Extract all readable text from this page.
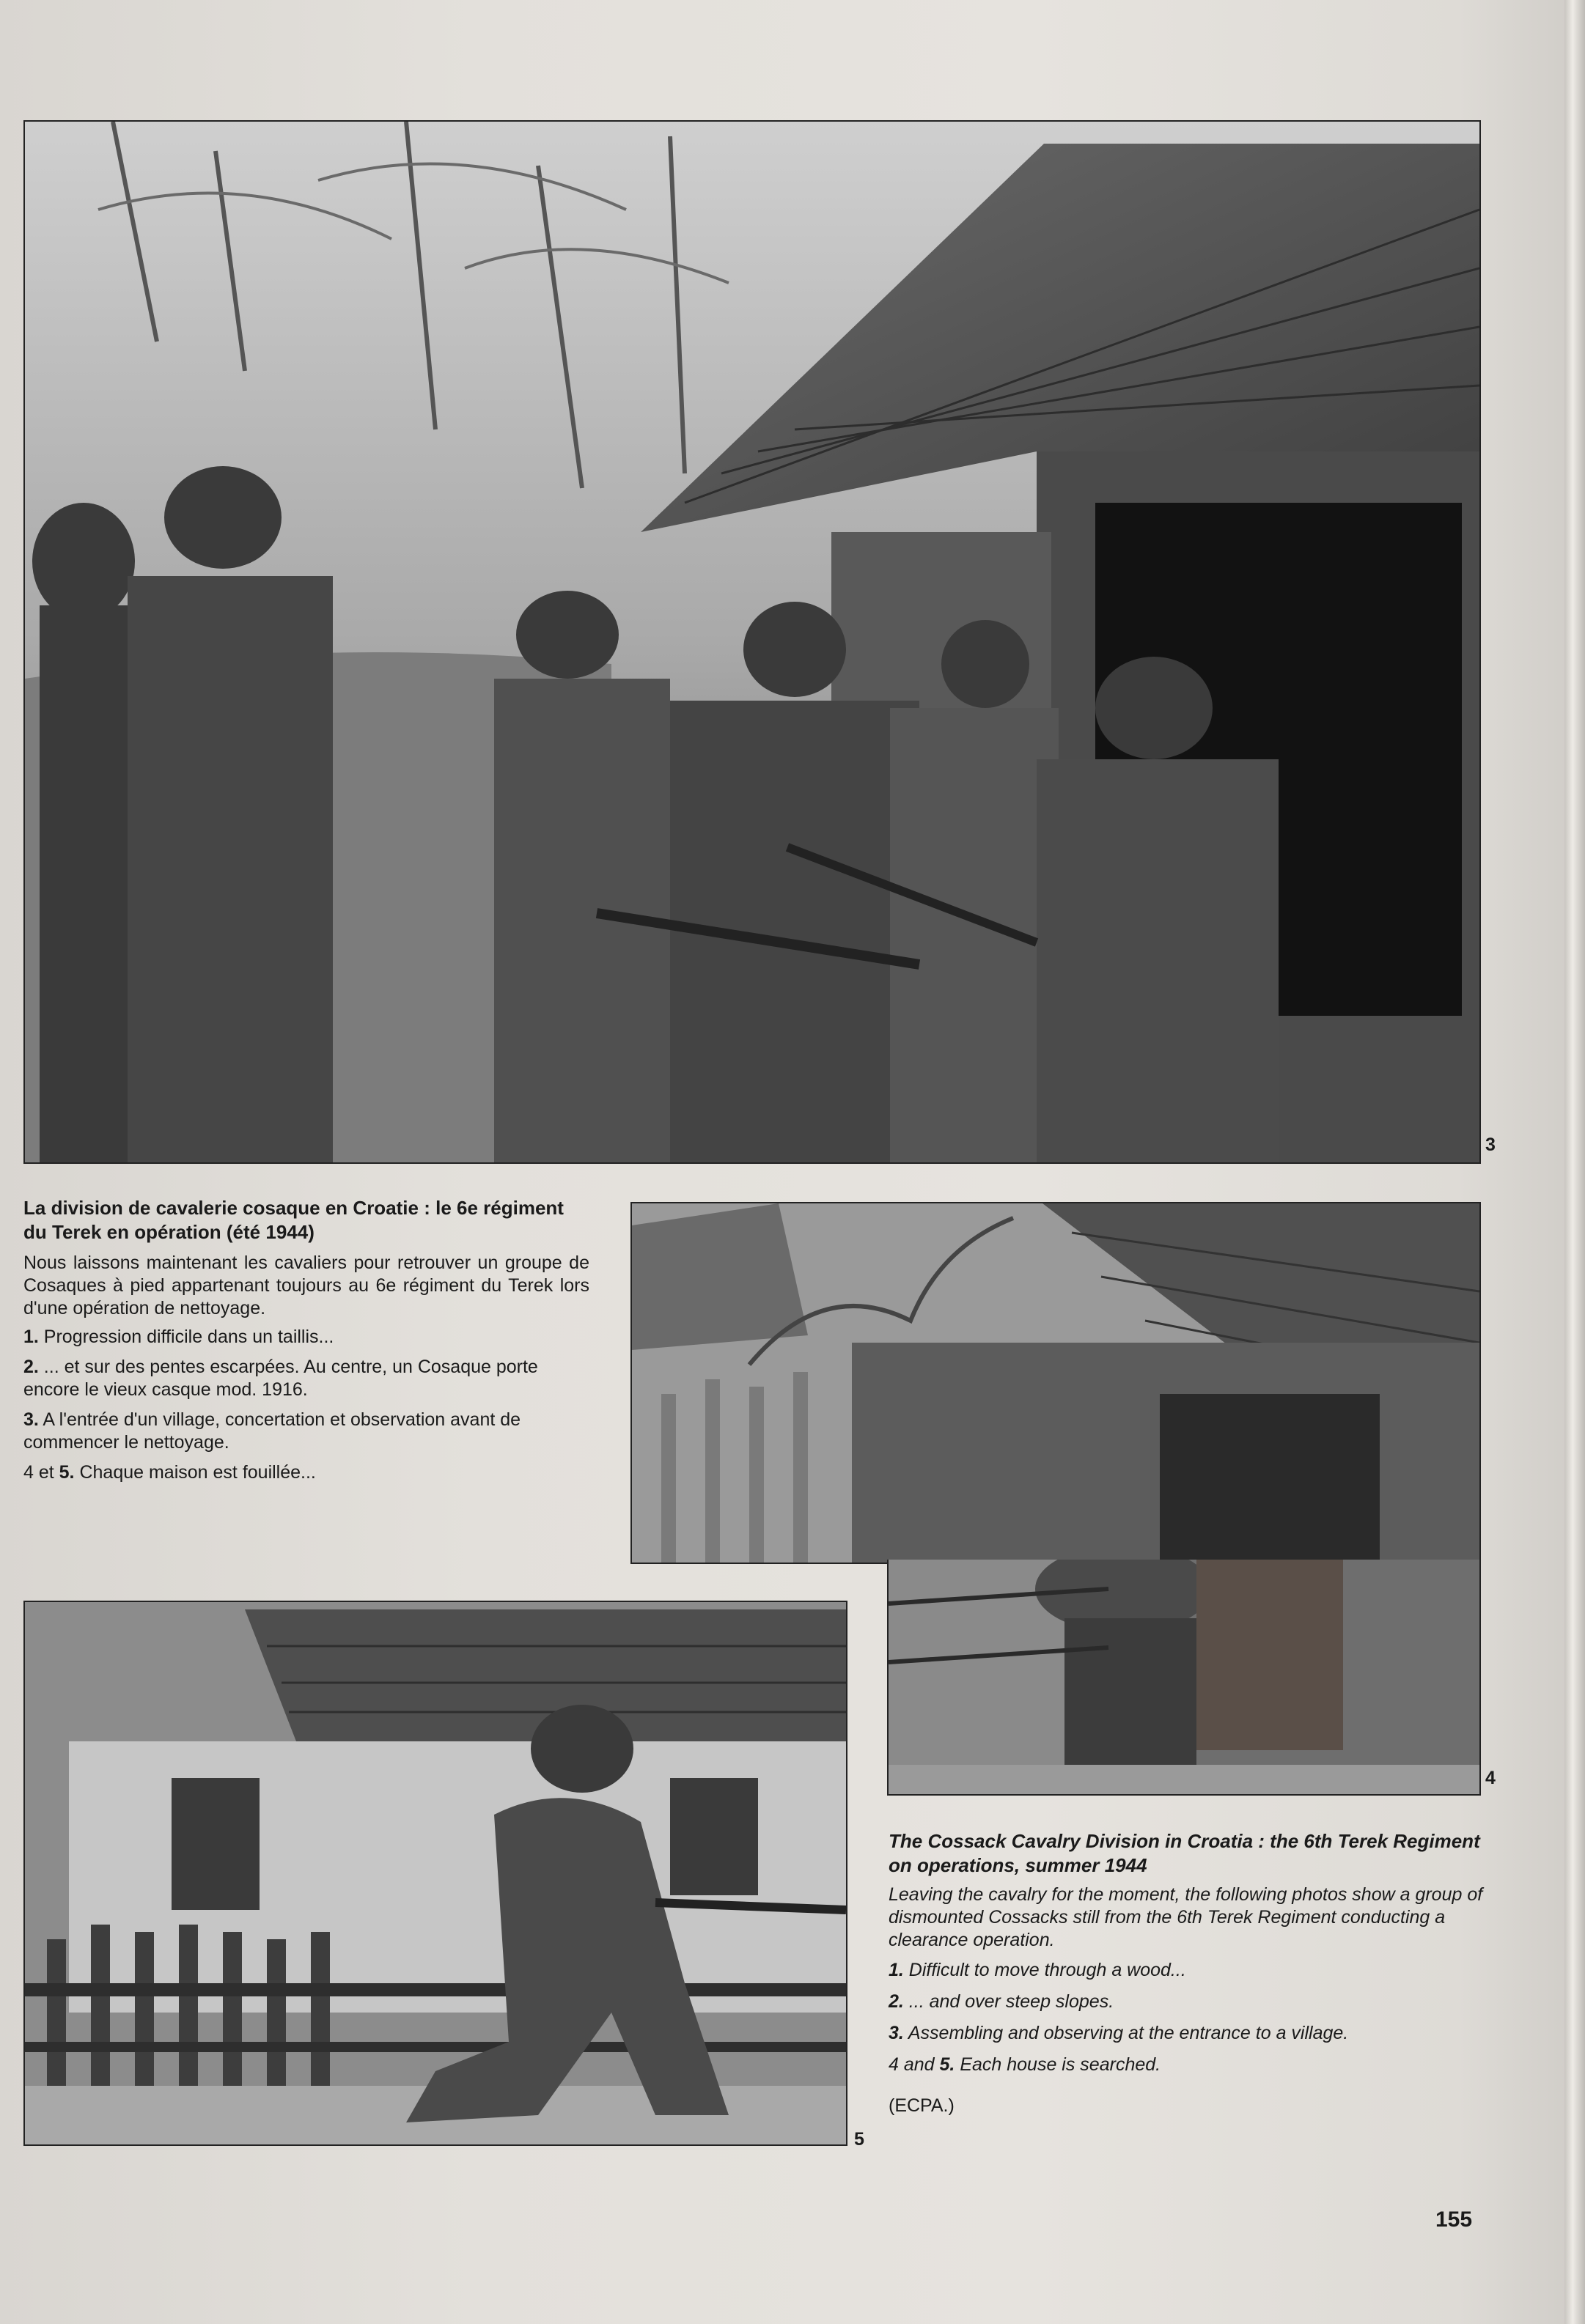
3
4
5

La division de cavalerie cosaque en Croatie : le 6e régiment du Terek en opération (été 1944)

Nous laissons maintenant les cavaliers pour retrouver un groupe de Cosaques à pied appartenant toujours au 6e régiment du Terek lors d'une opération de nettoyage.

1. Progression difficile dans un taillis...

2. ... et sur des pentes escarpées. Au centre, un Cosaque porte encore le vieux casque mod. 1916.

3. A l'entrée d'un village, concertation et observation avant de commencer le nettoyage.

4 et 5. Chaque maison est fouillée...

The Cossack Cavalry Division in Croatia : the 6th Terek Regiment on operations, summer 1944

Leaving the cavalry for the moment, the following photos show a group of dismounted Cossacks still from the 6th Terek Regiment conducting a clearance operation.

1. Difficult to move through a wood...

2. ... and over steep slopes.

3. Assembling and observing at the entrance to a village.

4 and 5. Each house is searched.

(ECPA.)

155
